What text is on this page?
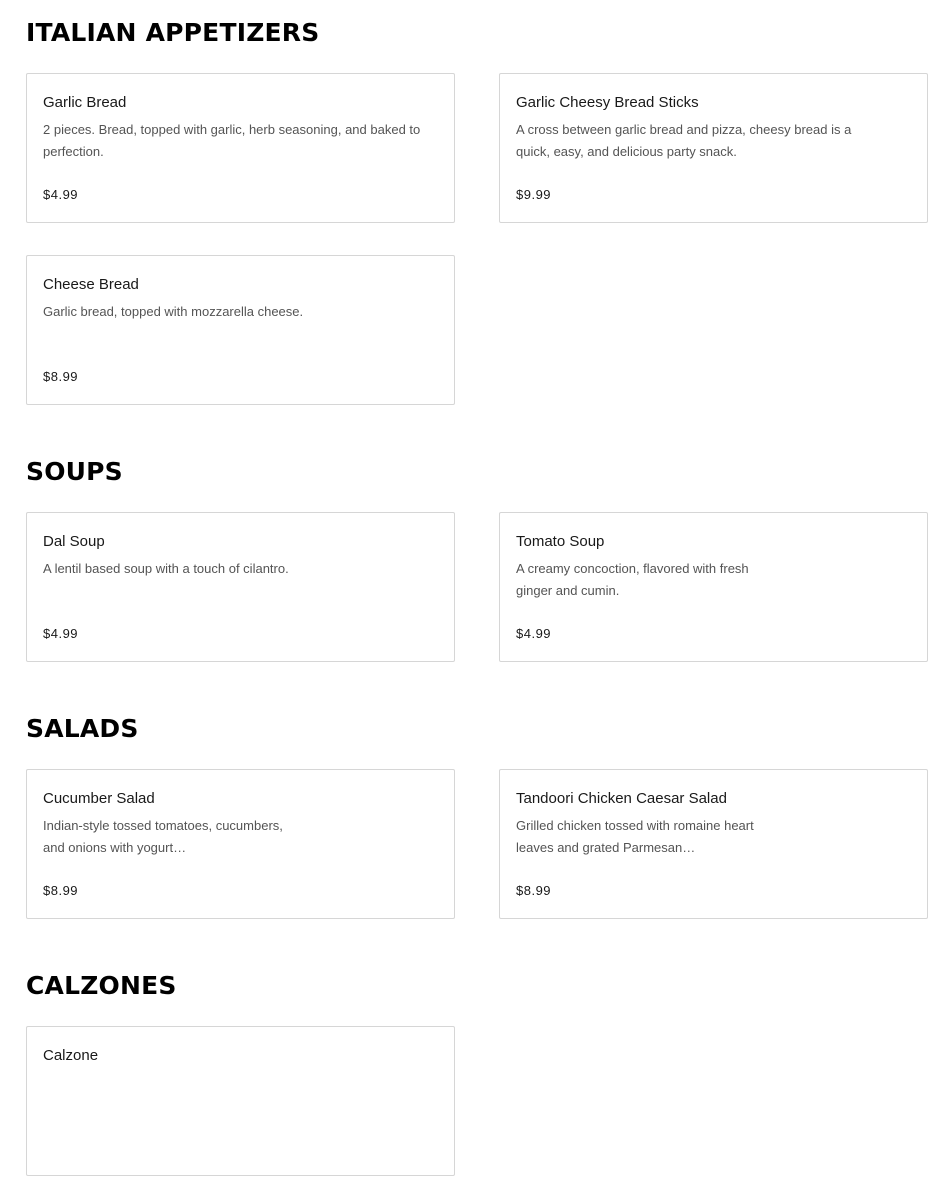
ITALIAN APPETIZERS
Garlic Bread
2 pieces. Bread, topped with garlic, herb seasoning, and baked to perfection.
$4.99
Garlic Cheesy Bread Sticks
A cross between garlic bread and pizza, cheesy bread is a quick, easy, and delicious party snack.
$9.99
Cheese Bread
Garlic bread, topped with mozzarella cheese.
$8.99
SOUPS
Dal Soup
A lentil based soup with a touch of cilantro.
$4.99
Tomato Soup
A creamy concoction, flavored with fresh ginger and cumin.
$4.99
SALADS
Cucumber Salad
Indian-style tossed tomatoes, cucumbers, and onions with yogurt…
$8.99
Tandoori Chicken Caesar Salad
Grilled chicken tossed with romaine heart leaves and grated Parmesan…
$8.99
CALZONES
Calzone
